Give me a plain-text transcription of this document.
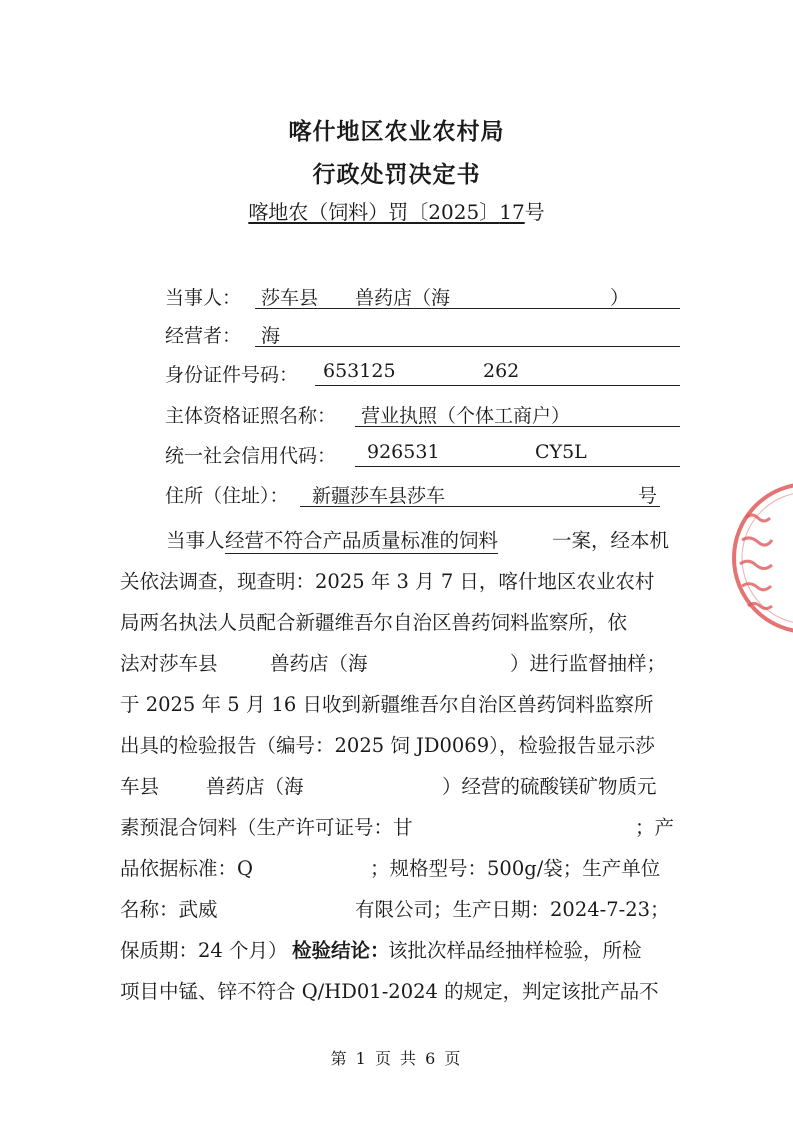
喀什地区农业农村局
行政处罚决定书
喀地农（饲料）罚〔2025〕17号
当事人： 莎车县 兽药店（海	）
经营者： 海
身份证件号码： 653125	262
主体资格证照名称： 营业执照（个体工商户）
统一社会信用代码： 926531	CY5L
住所（住址）： 新疆莎车县莎车	号
当事人 经营不符合产品质量标准的饲料	一案，经本机
关依法调查，现查明：2025 年 3 月 7 日，喀什地区农业农村
局两名执法人员配合新疆维吾尔自治区兽药饲料监察所，依
法对莎车县	兽药店（海	）进行监督抽样；
于 2025 年 5 月 16 日收到新疆维吾尔自治区兽药饲料监察所
出具的检验报告（编号：2025 饲 JD0069），检验报告显示莎
车县 兽药店（海	）经营的硫酸镁矿物质元
素预混合饲料（生产许可证号：甘	；产
品依据标准：Q	；规格型号：500g/袋；生产单位
名称：武威	有限公司；生产日期：2024-7-23；
保质期：24 个月） 检验结论：
该批次样品经抽样检验，所检
项目中锰、锌不符合 Q/HD01-2024 的规定，判定该批产品不
第 1 页 共 6 页
